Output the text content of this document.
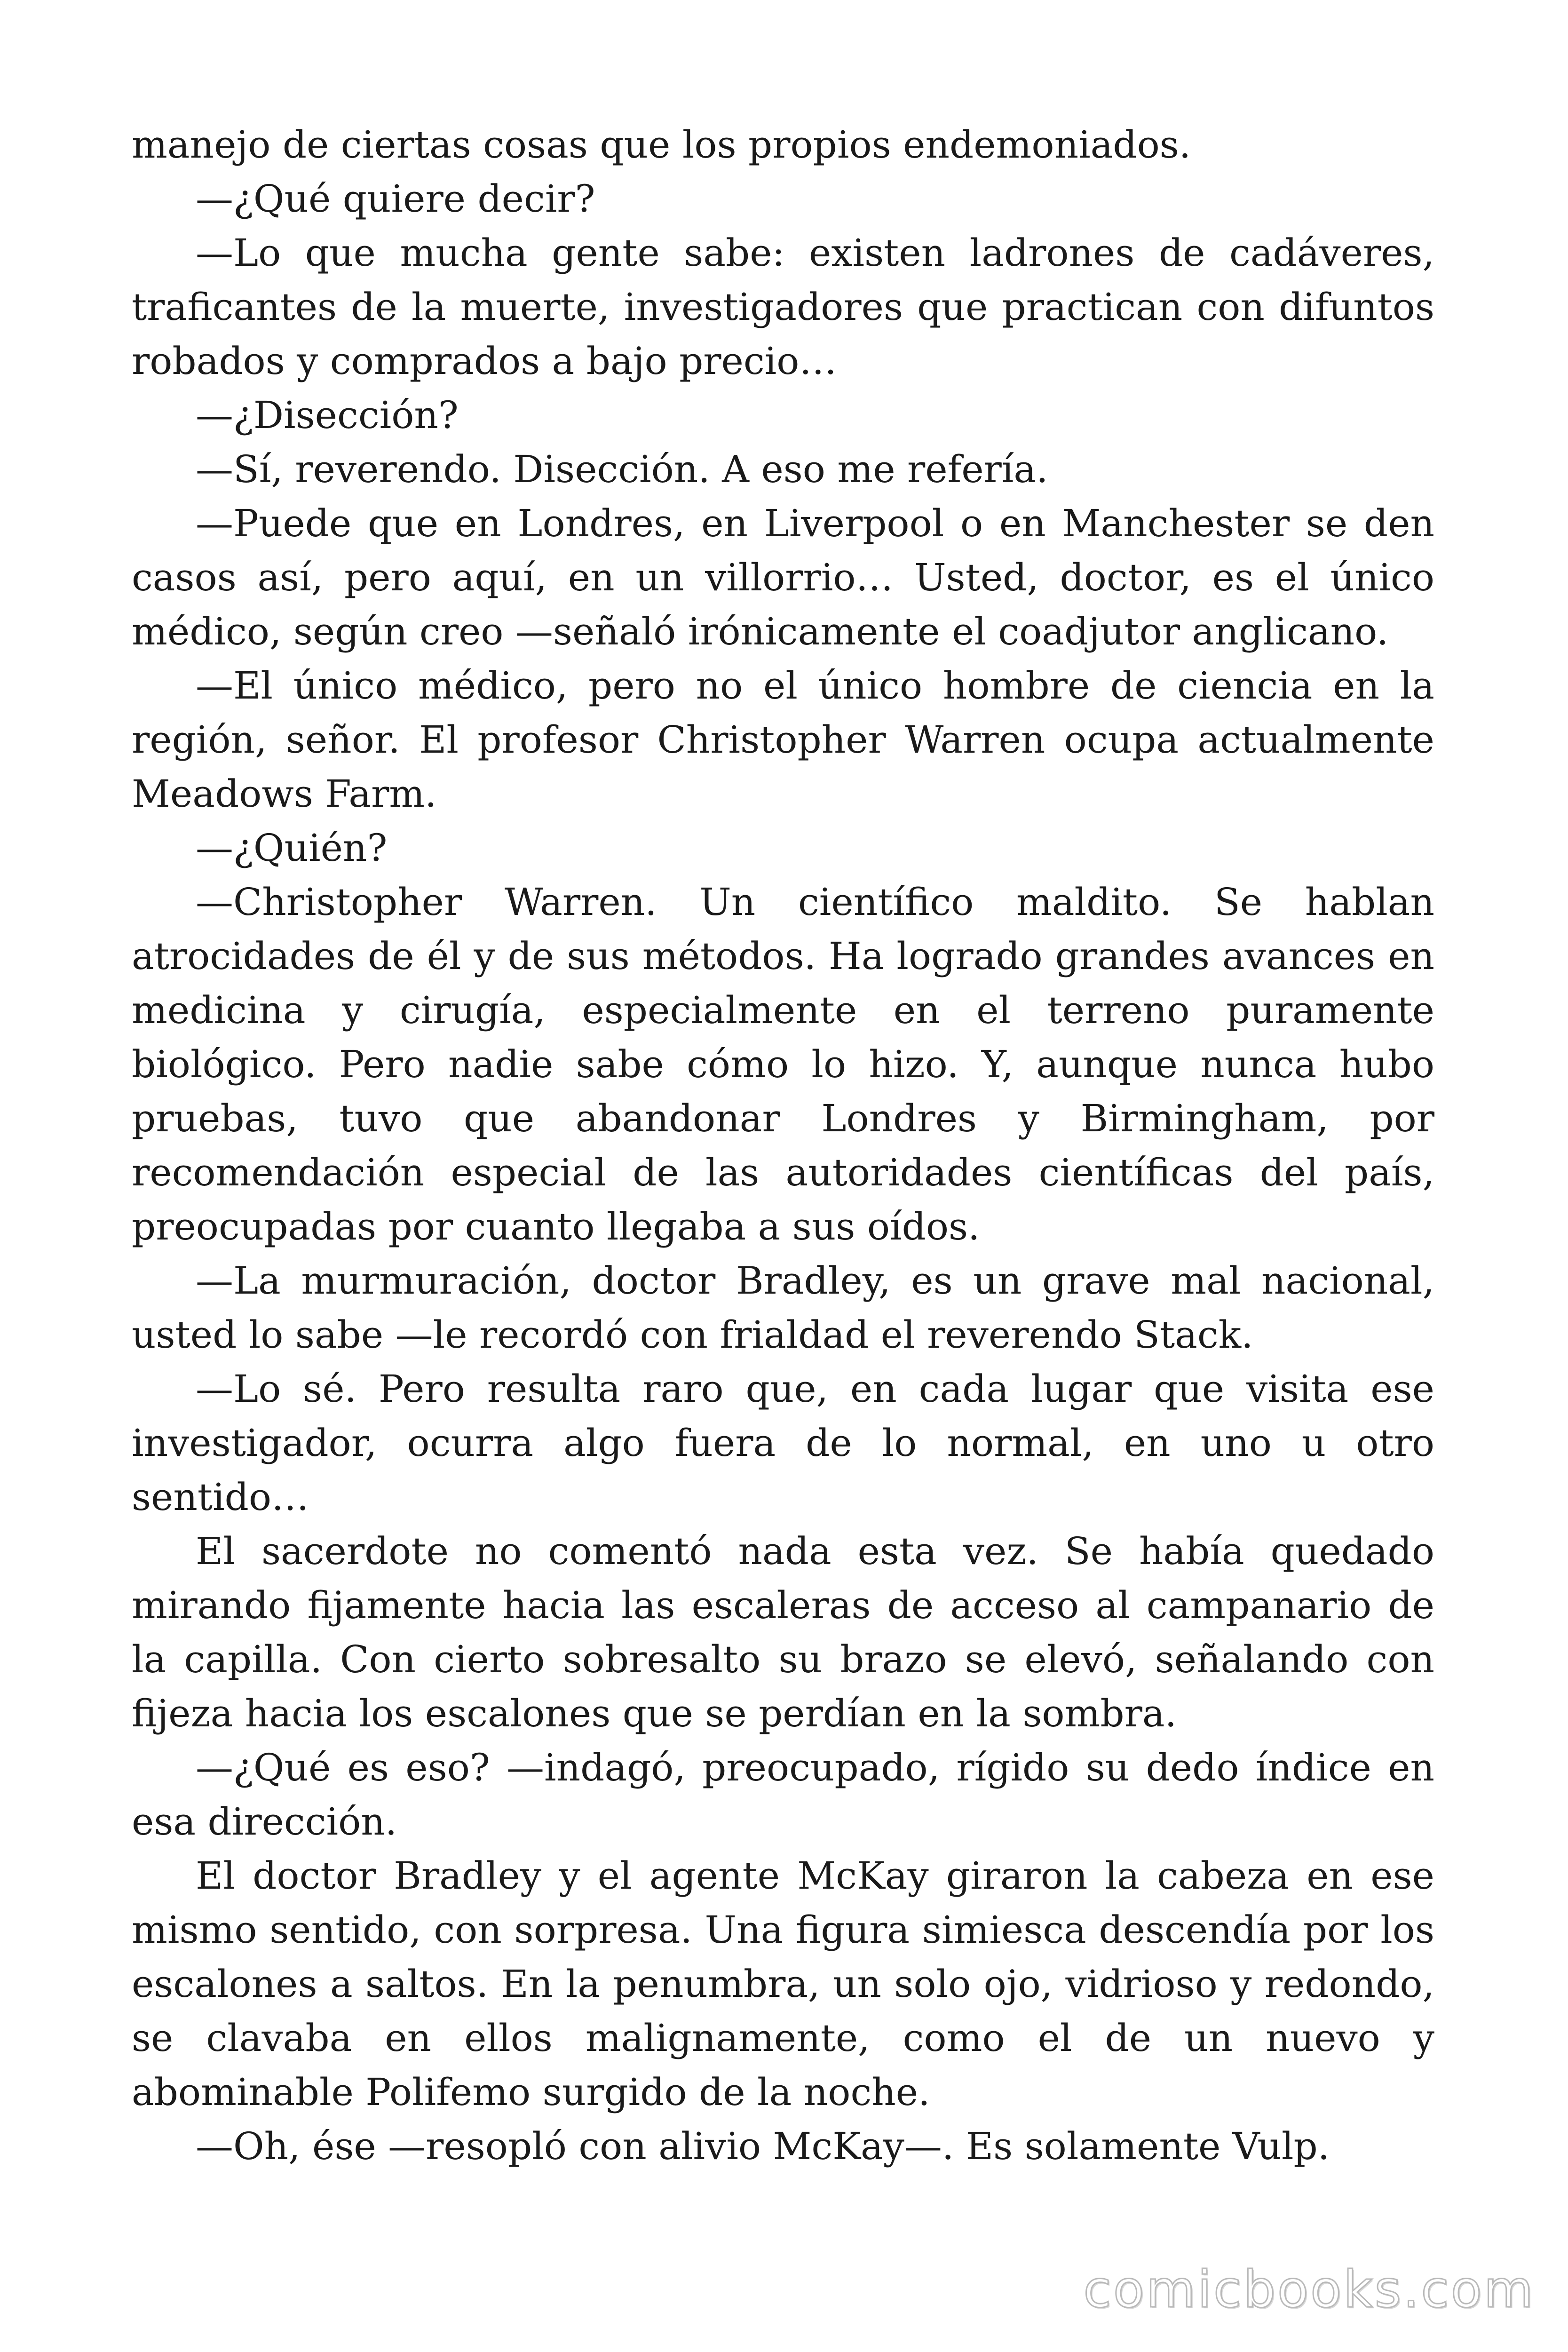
manejo de ciertas cosas que los propios endemoniados.

—¿Qué quiere decir?

—Lo que mucha gente sabe: existen ladrones de cadáveres, traficantes de la muerte, investigadores que practican con difuntos robados y comprados a bajo precio…

—¿Disección?

—Sí, reverendo. Disección. A eso me refería.

—Puede que en Londres, en Liverpool o en Manchester se den casos así, pero aquí, en un villorrio… Usted, doctor, es el único médico, según creo —señaló irónicamente el coadjutor anglicano.

—El único médico, pero no el único hombre de ciencia en la región, señor. El profesor Christopher Warren ocupa actualmente Meadows Farm.

—¿Quién?

—Christopher Warren. Un científico maldito. Se hablan atrocidades de él y de sus métodos. Ha logrado grandes avances en medicina y cirugía, especialmente en el terreno puramente biológico. Pero nadie sabe cómo lo hizo. Y, aunque nunca hubo pruebas, tuvo que abandonar Londres y Birmingham, por recomendación especial de las autoridades científicas del país, preocupadas por cuanto llegaba a sus oídos.

—La murmuración, doctor Bradley, es un grave mal nacional, usted lo sabe —le recordó con frialdad el reverendo Stack.

—Lo sé. Pero resulta raro que, en cada lugar que visita ese investigador, ocurra algo fuera de lo normal, en uno u otro sentido…

El sacerdote no comentó nada esta vez. Se había quedado mirando fijamente hacia las escaleras de acceso al campanario de la capilla. Con cierto sobresalto su brazo se elevó, señalando con fijeza hacia los escalones que se perdían en la sombra.

—¿Qué es eso? —indagó, preocupado, rígido su dedo índice en esa dirección.

El doctor Bradley y el agente McKay giraron la cabeza en ese mismo sentido, con sorpresa. Una figura simiesca descendía por los escalones a saltos. En la penumbra, un solo ojo, vidrioso y redondo, se clavaba en ellos malignamente, como el de un nuevo y abominable Polifemo surgido de la noche.

—Oh, ése —resopló con alivio McKay—. Es solamente Vulp.

comicbooks.com
